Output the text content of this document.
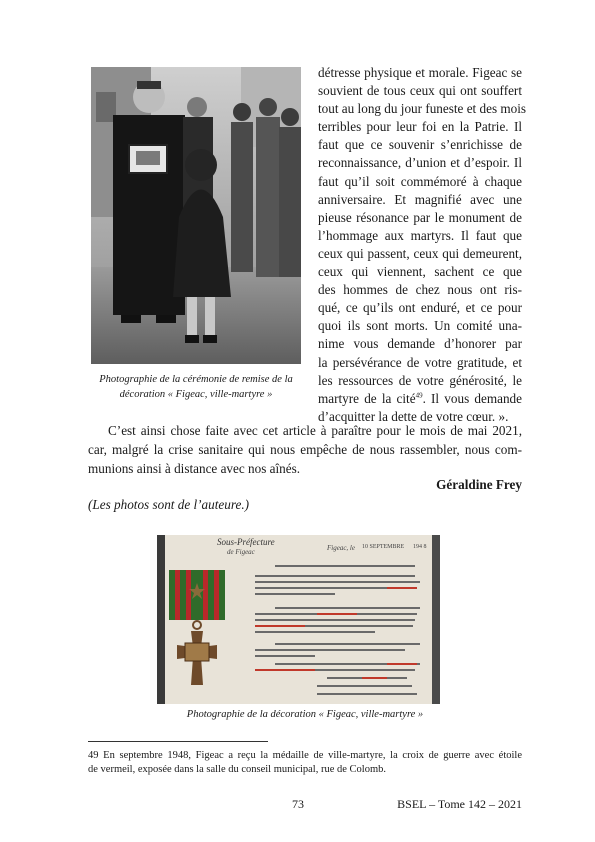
Photographie de la cérémonie de remise de la
décoration « Figeac, ville-martyre »
détresse physique et morale. Figeac se
souvient de tous ceux qui ont souffert
tout au long du jour funeste et des mois
terribles pour leur foi en la Patrie. Il
faut que ce souvenir s’enrichisse de
reconnaissance, d’union et d’espoir. Il
faut qu’il soit commémoré à chaque
anniversaire. Et magnifié avec une
pieuse résonance par le monument de
l’hommage aux martyrs. Il faut que
ceux qui passent, ceux qui demeurent,
ceux qui viennent, sachent ce que
des hommes de chez nous ont ris-
qué, ce qu’ils ont enduré, et ce pour
quoi ils sont morts. Un comité una-
nime vous demande d’honorer par
la persévérance de votre gratitude, et
les ressources de votre générosité, le
martyre de la cité$^{49}$. Il vous demande
d’acquitter la dette de votre cœur. ».
C’est ainsi chose faite avec cet article à paraître pour le mois de mai 2021,
car, malgré la crise sanitaire qui nous empêche de nous rassembler, nous com-
munions ainsi à distance avec nos aînés.
Géraldine Frey
(Les photos sont de l’auteure.)
Sous-Préfecture
de Figeac	Figeac, le 10 SEPTEMBRE 194 8
Photographie de la décoration « Figeac, ville-martyre »
49 En septembre 1948, Figeac a reçu la médaille de ville-martyre, la croix de guerre avec étoile
de vermeil, exposée dans la salle du conseil municipal, rue de Colomb.
73	BSEL – Tome 142 – 2021
